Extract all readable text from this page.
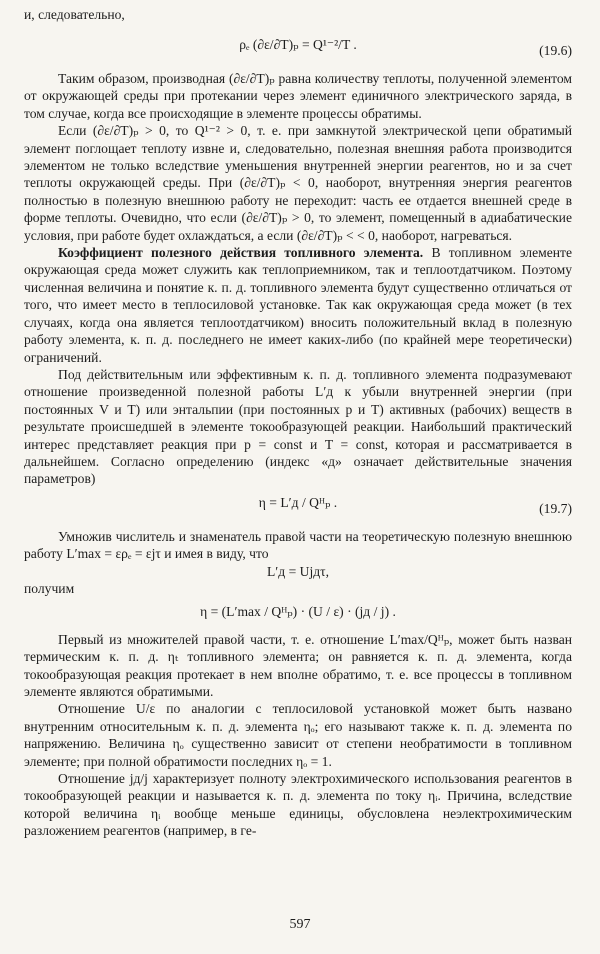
и, следовательно,
ρₑ (∂ε/∂T)ₚ = Q¹⁻²/T .	(19.6)

Таким образом, производная (∂ε/∂T)ₚ равна количеству теплоты, полученной элементом от окружающей среды при протекании через элемент единичного электрического заряда, в том случае, когда все происходящие в элементе процессы обратимы.

Если (∂ε/∂T)ₚ > 0, то Q¹⁻² > 0, т. е. при замкнутой электрической цепи обратимый элемент поглощает теплоту извне и, следовательно, полезная внешняя работа производится элементом не только вследствие уменьшения внутренней энергии реагентов, но и за счет теплоты окружающей среды. При (∂ε/∂T)ₚ < 0, наоборот, внутренняя энергия реагентов полностью в полезную внешнюю работу не переходит: часть ее отдается внешней среде в форме теплоты. Очевидно, что если (∂ε/∂T)ₚ > 0, то элемент, помещенный в адиабатические условия, при работе будет охлаждаться, а если (∂ε/∂T)ₚ < < 0, наоборот, нагреваться.

Коэффициент полезного действия топливного элемента. В топливном элементе окружающая среда может служить как теплоприемником, так и теплоотдатчиком. Поэтому численная величина и понятие к. п. д. топливного элемента будут существенно отличаться от того, что имеет место в теплосиловой установке. Так как окружающая среда может (в тех случаях, когда она является теплоотдатчиком) вносить положительный вклад в полезную работу элемента, к. п. д. последнего не имеет каких-либо (по крайней мере теоретически) ограничений.

Под действительным или эффективным к. п. д. топливного элемента подразумевают отношение произведенной полезной работы L′д к убыли внутренней энергии (при постоянных V и T) или энтальпии (при постоянных p и T) активных (рабочих) веществ в результате происшедшей в элементе токообразующей реакции. Наибольший практический интерес представляет реакция при p = const и T = const, которая и рассматривается в дальнейшем. Согласно определению (индекс «д» означает действительные значения параметров)

η = L′д / Qᴴₚ .	(19.7)

Умножив числитель и знаменатель правой части на теоретическую полезную внешнюю работу L′max = ερₑ = εjτ и имея в виду, что

L′д = Ujдτ,

получим

η = (L′max / Qᴴₚ) · (U / ε) · (jд / j) .

Первый из множителей правой части, т. е. отношение L′max/Qᴴₚ, может быть назван термическим к. п. д. ηₜ топливного элемента; он равняется к. п. д. элемента, когда токообразующая реакция протекает в нем вполне обратимо, т. е. все процессы в топливном элементе являются обратимыми.

Отношение U/ε по аналогии с теплосиловой установкой может быть названо внутренним относительным к. п. д. элемента ηₒ; его называют также к. п. д. элемента по напряжению. Величина ηₒ существенно зависит от степени необратимости в топливном элементе; при полной обратимости последних ηₒ = 1.

Отношение jд/j характеризует полноту электрохимического использования реагентов в токообразующей реакции и называется к. п. д. элемента по току ηᵢ. Причина, вследствие которой величина ηᵢ вообще меньше единицы, обусловлена неэлектрохимическим разложением реагентов (например, в ге-

597
